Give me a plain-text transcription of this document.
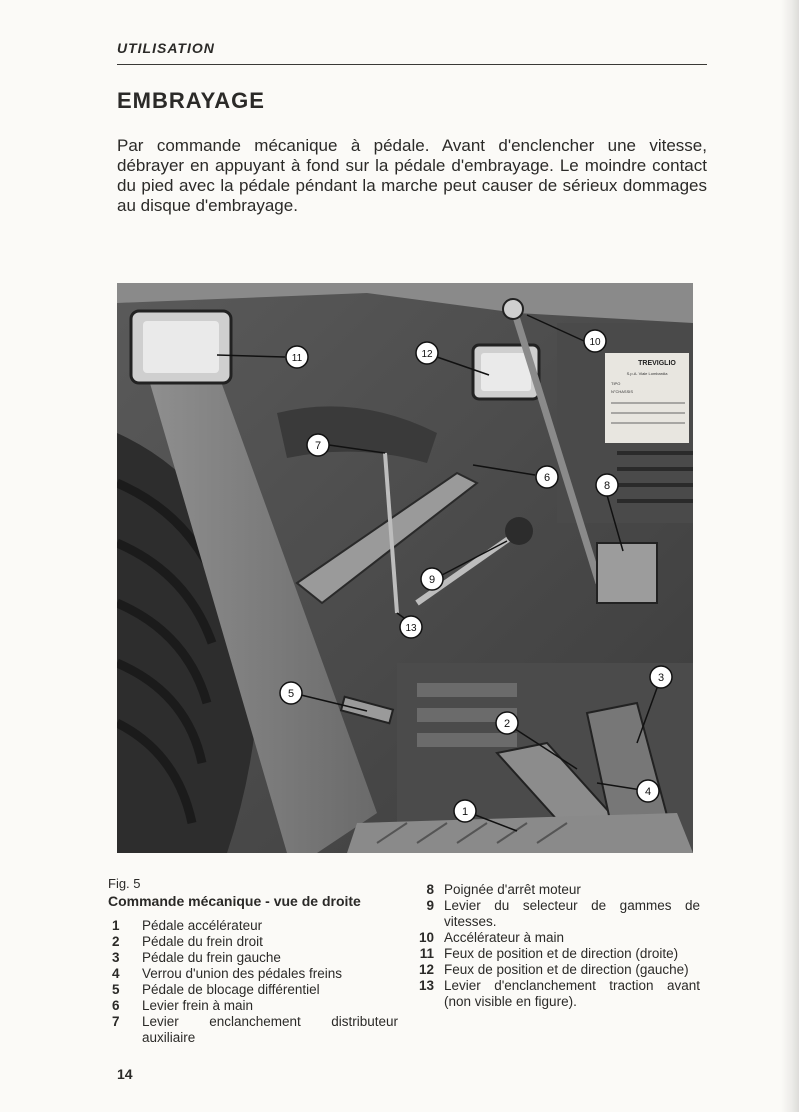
UTILISATION
EMBRAYAGE

Par commande mécanique à pédale. Avant d'enclencher une vitesse, débrayer en appuyant à fond sur la pédale d'embrayage. Le moindre contact du pied avec la pédale péndant la marche peut causer de sérieux dommages au disque d'embrayage.

TREVIGLIO
S.p.A. Viale Lombardia
TIPO
N°CHASSIS
1
2
3
4
5
6
7
8
9
10
11	12
13

Fig. 5

Commande mécanique - vue de droite

1	Pédale accélérateur
2	Pédale du frein droit
3	Pédale du frein gauche
4	Verrou d'union des pédales freins
5	Pédale de blocage différentiel
6	Levier frein à main
7	Levier enclanchement distributeur auxiliaire
8 Poignée d'arrêt moteur
9 Levier du selecteur de gammes de vitesses.
10 Accélérateur à main
11 Feux de position et de direction (droite)
12 Feux de position et de direction (gauche)
13 Levier d'enclanchement traction avant (non visible en figure).
14
